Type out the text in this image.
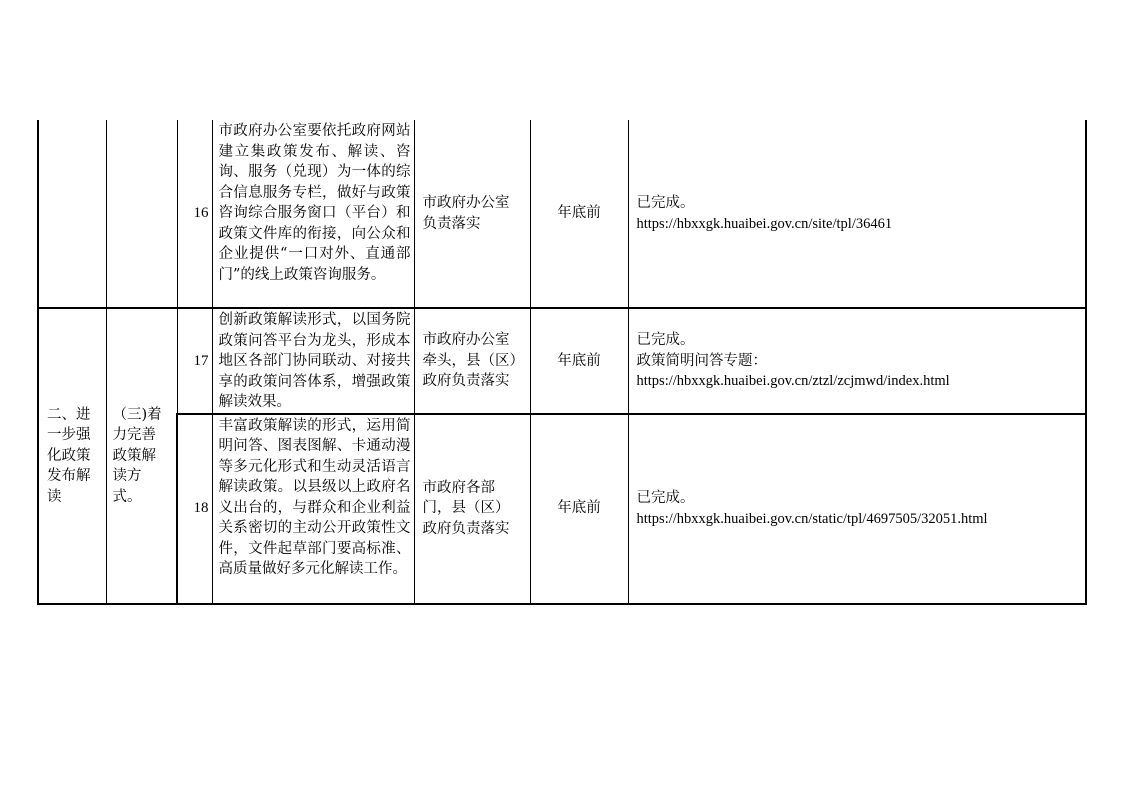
		16	市政府办公室要依托政府网站建立集政策发布、解读、咨询、服务（兑现）为一体的综合信息服务专栏，做好与政策咨询综合服务窗口（平台）和政策文件库的衔接，向公众和企业提供“一口对外、直通部门”的线上政策咨询服务。	市政府办公室负责落实	年底前	已完成。
https://hbxxgk.huaibei.gov.cn/site/tpl/36461

二、进一步强化政策发布解读	（三)着力完善政策解读方式。	17	创新政策解读形式，以国务院政策问答平台为龙头，形成本地区各部门协同联动、对接共享的政策问答体系，增强政策解读效果。	市政府办公室牵头，县（区）政府负责落实	年底前	已完成。
政策简明问答专题：
https://hbxxgk.huaibei.gov.cn/ztzl/zcjmwd/index.html

		18	丰富政策解读的形式，运用简明问答、图表图解、卡通动漫等多元化形式和生动灵活语言解读政策。以县级以上政府名义出台的，与群众和企业利益关系密切的主动公开政策性文件，文件起草部门要高标准、高质量做好多元化解读工作。	市政府各部门，县（区）政府负责落实	年底前	已完成。
https://hbxxgk.huaibei.gov.cn/static/tpl/4697505/32051.html
